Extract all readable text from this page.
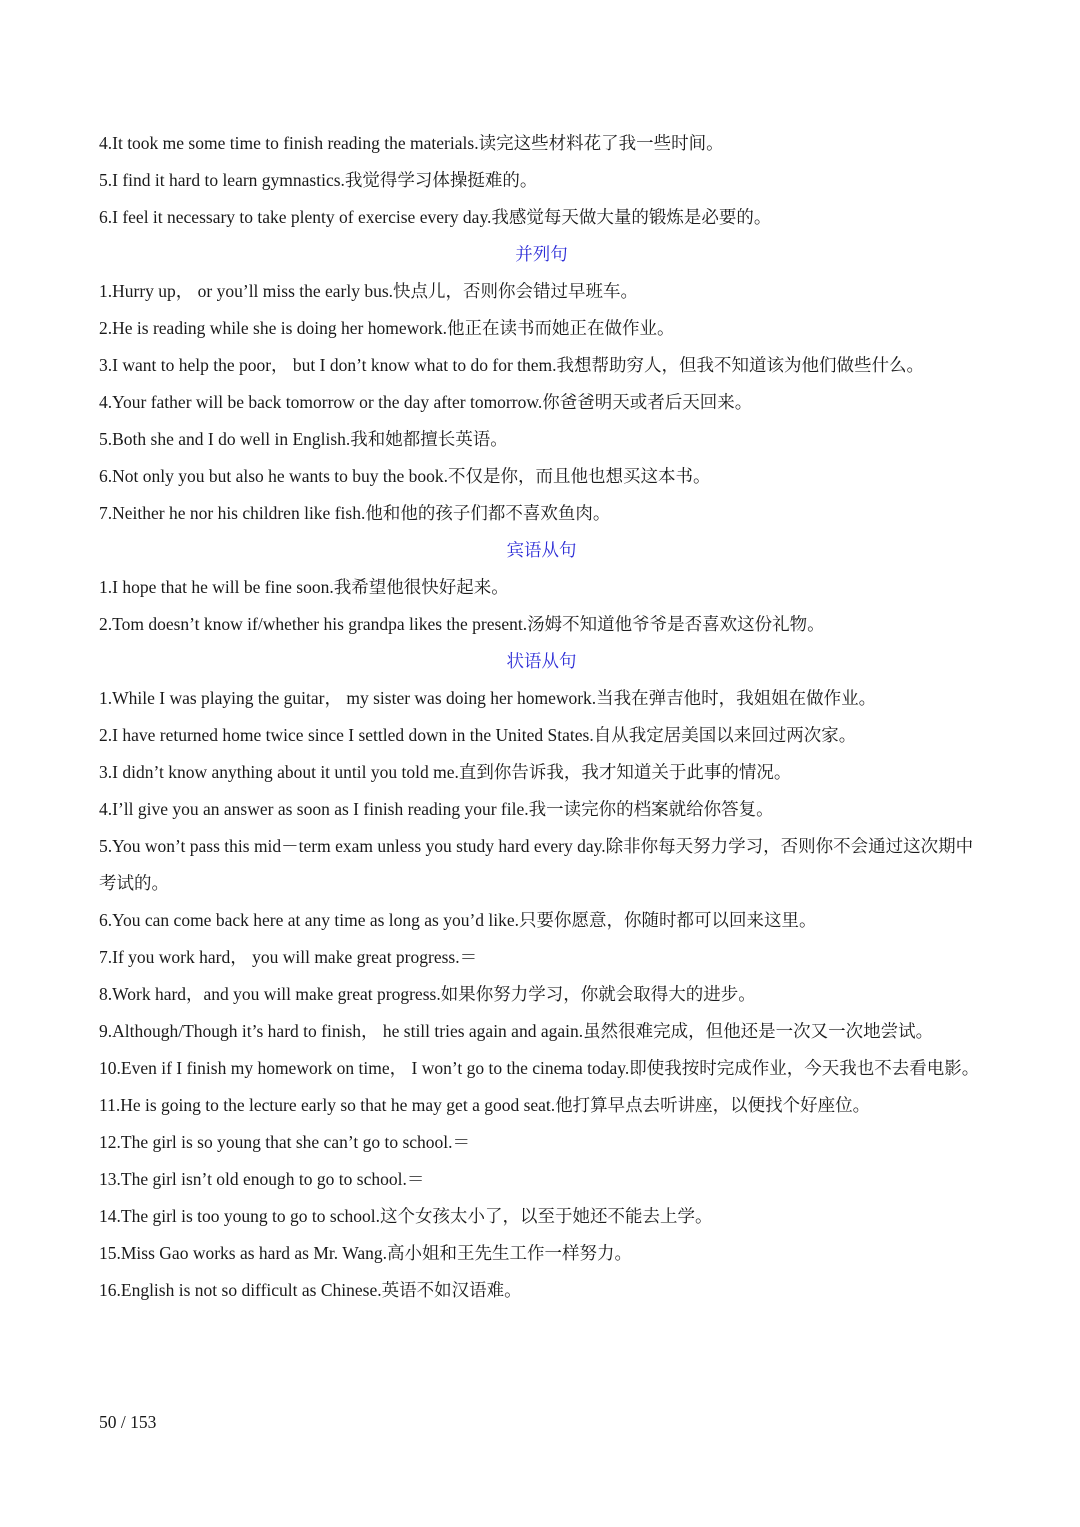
4.It took me some time to finish reading the materials.读完这些材料花了我一些时间。
5.I find it hard to learn gymnastics.我觉得学习体操挺难的。
6.I feel it necessary to take plenty of exercise every day.我感觉每天做大量的锻炼是必要的。
并列句
1.Hurry up， or you’ll miss the early bus.快点儿，否则你会错过早班车。
2.He is reading while she is doing her homework.他正在读书而她正在做作业。
3.I want to help the poor， but I don’t know what to do for them.我想帮助穷人，但我不知道该为他们做些什么。
4.Your father will be back tomorrow or the day after tomorrow.你爸爸明天或者后天回来。
5.Both she and I do well in English.我和她都擅长英语。
6.Not only you but also he wants to buy the book.不仅是你，而且他也想买这本书。
7.Neither he nor his children like fish.他和他的孩子们都不喜欢鱼肉。
宾语从句
1.I hope that he will be fine soon.我希望他很快好起来。
2.Tom doesn’t know if/whether his grandpa likes the present.汤姆不知道他爷爷是否喜欢这份礼物。
状语从句
1.While I was playing the guitar， my sister was doing her homework.当我在弹吉他时，我姐姐在做作业。
2.I have returned home twice since I settled down in the United States.自从我定居美国以来回过两次家。
3.I didn’t know anything about it until you told me.直到你告诉我，我才知道关于此事的情况。
4.I’ll give you an answer as soon as I finish reading your file.我一读完你的档案就给你答复。
5.You won’t pass this mid－term exam unless you study hard every day.除非你每天努力学习，否则你不会通过这次期中考试的。
6.You can come back here at any time as long as you’d like.只要你愿意，你随时都可以回来这里。
7.If you work hard， you will make great progress.＝
8.Work hard，and you will make great progress.如果你努力学习，你就会取得大的进步。
9.Although/Though it’s hard to finish， he still tries again and again.虽然很难完成，但他还是一次又一次地尝试。
10.Even if I finish my homework on time， I won’t go to the cinema today.即使我按时完成作业，今天我也不去看电影。
11.He is going to the lecture early so that he may get a good seat.他打算早点去听讲座，以便找个好座位。
12.The girl is so young that she can’t go to school.＝
13.The girl isn’t old enough to go to school.＝
14.The girl is too young to go to school.这个女孩太小了，以至于她还不能去上学。
15.Miss Gao works as hard as Mr. Wang.高小姐和王先生工作一样努力。
16.English is not so difficult as Chinese.英语不如汉语难。
50 / 153
